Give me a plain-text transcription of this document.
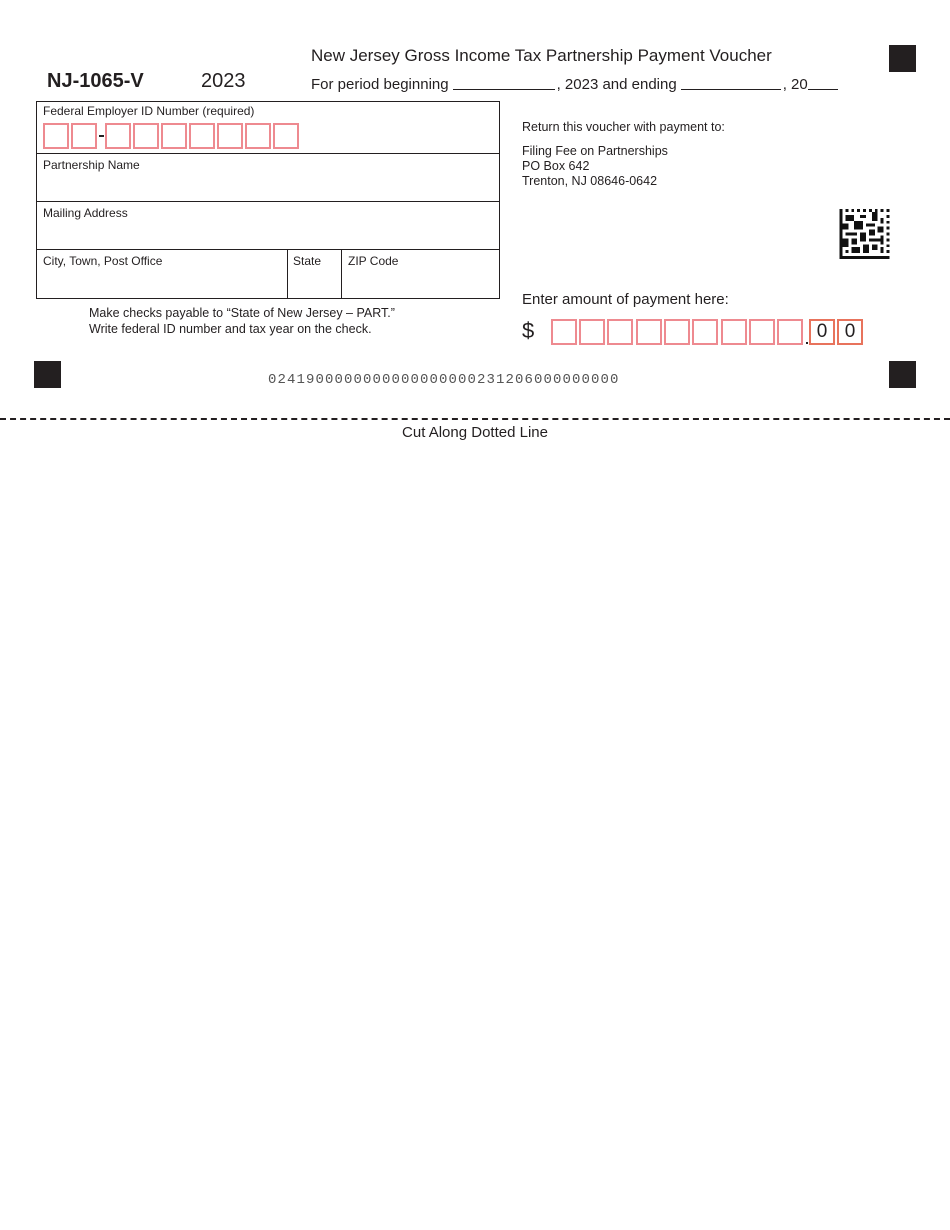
NJ-1065-V	2023
New Jersey Gross Income Tax Partnership Payment Voucher
For period beginning	, 2023 and ending	, 20
Federal Employer ID Number (required)
Partnership Name
Mailing Address
City, Town, Post Office	State ZIP Code
Make checks payable to “State of New Jersey – PART.”
Write federal ID number and tax year on the check.
Return this voucher with payment to:
Filing Fee on Partnerships
PO Box 642
Trenton, NJ 08646-0642
Enter amount of payment here:
$	0 0
0241900000000000000000231206000000000
Cut Along Dotted Line
